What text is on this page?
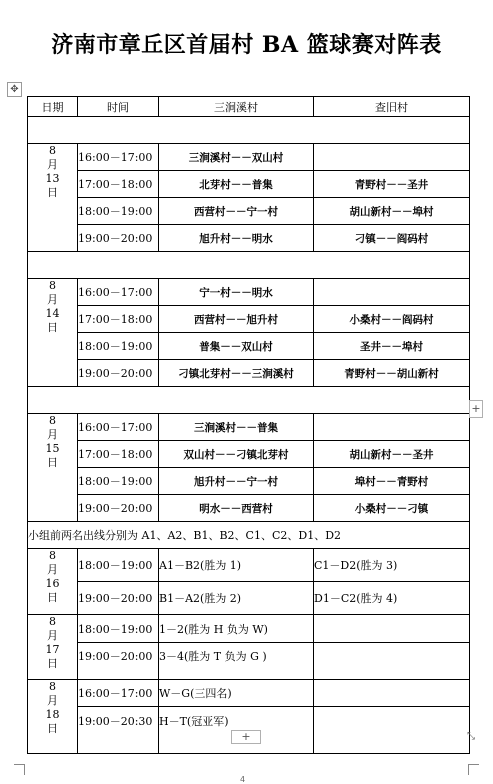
济南市章丘区首届村 BA 篮球赛对阵表
✥
日期	时间	三涧溪村	查旧村

8
月
13
日	16:00－17:00	三涧溪村－－双山村	
	17:00－18:00	北芽村－－普集	青野村－－圣井
	18:00－19:00	西营村－－宁一村	胡山新村－－埠村
	19:00－20:00	旭升村－－明水	刁镇－－阎码村

8
月
14
日	16:00－17:00	宁一村－－明水	
	17:00－18:00	西营村－－旭升村	小桑村－－阎码村
	18:00－19:00	普集－－双山村	圣井－－埠村
	19:00－20:00	刁镇北芽村－－三涧溪村	青野村－－胡山新村

8
月
15
日	16:00－17:00	三涧溪村－－普集	
	17:00－18:00	双山村－－刁镇北芽村	胡山新村－－圣井
	18:00－19:00	旭升村－－宁一村	埠村－－青野村
	19:00－20:00	明水－－西营村	小桑村－－刁镇
小组前两名出线分别为 A1、A2、B1、B2、C1、C2、D1、D2			

8
月
16
日	18:00－19:00	A1－B2(胜为 1)	C1－D2(胜为 3)
	19:00－20:00	B1－A2(胜为 2)	D1－C2(胜为 4)

8
月
17
日	18:00－19:00	1－2(胜为 H 负为 W)	
	19:00－20:00	3－4(胜为 T 负为 G )	

8
月
18
日	16:00－17:00	W－G(三四名)	
	19:00－20:30	H－T(冠亚军)	
+
+	⤡
4
